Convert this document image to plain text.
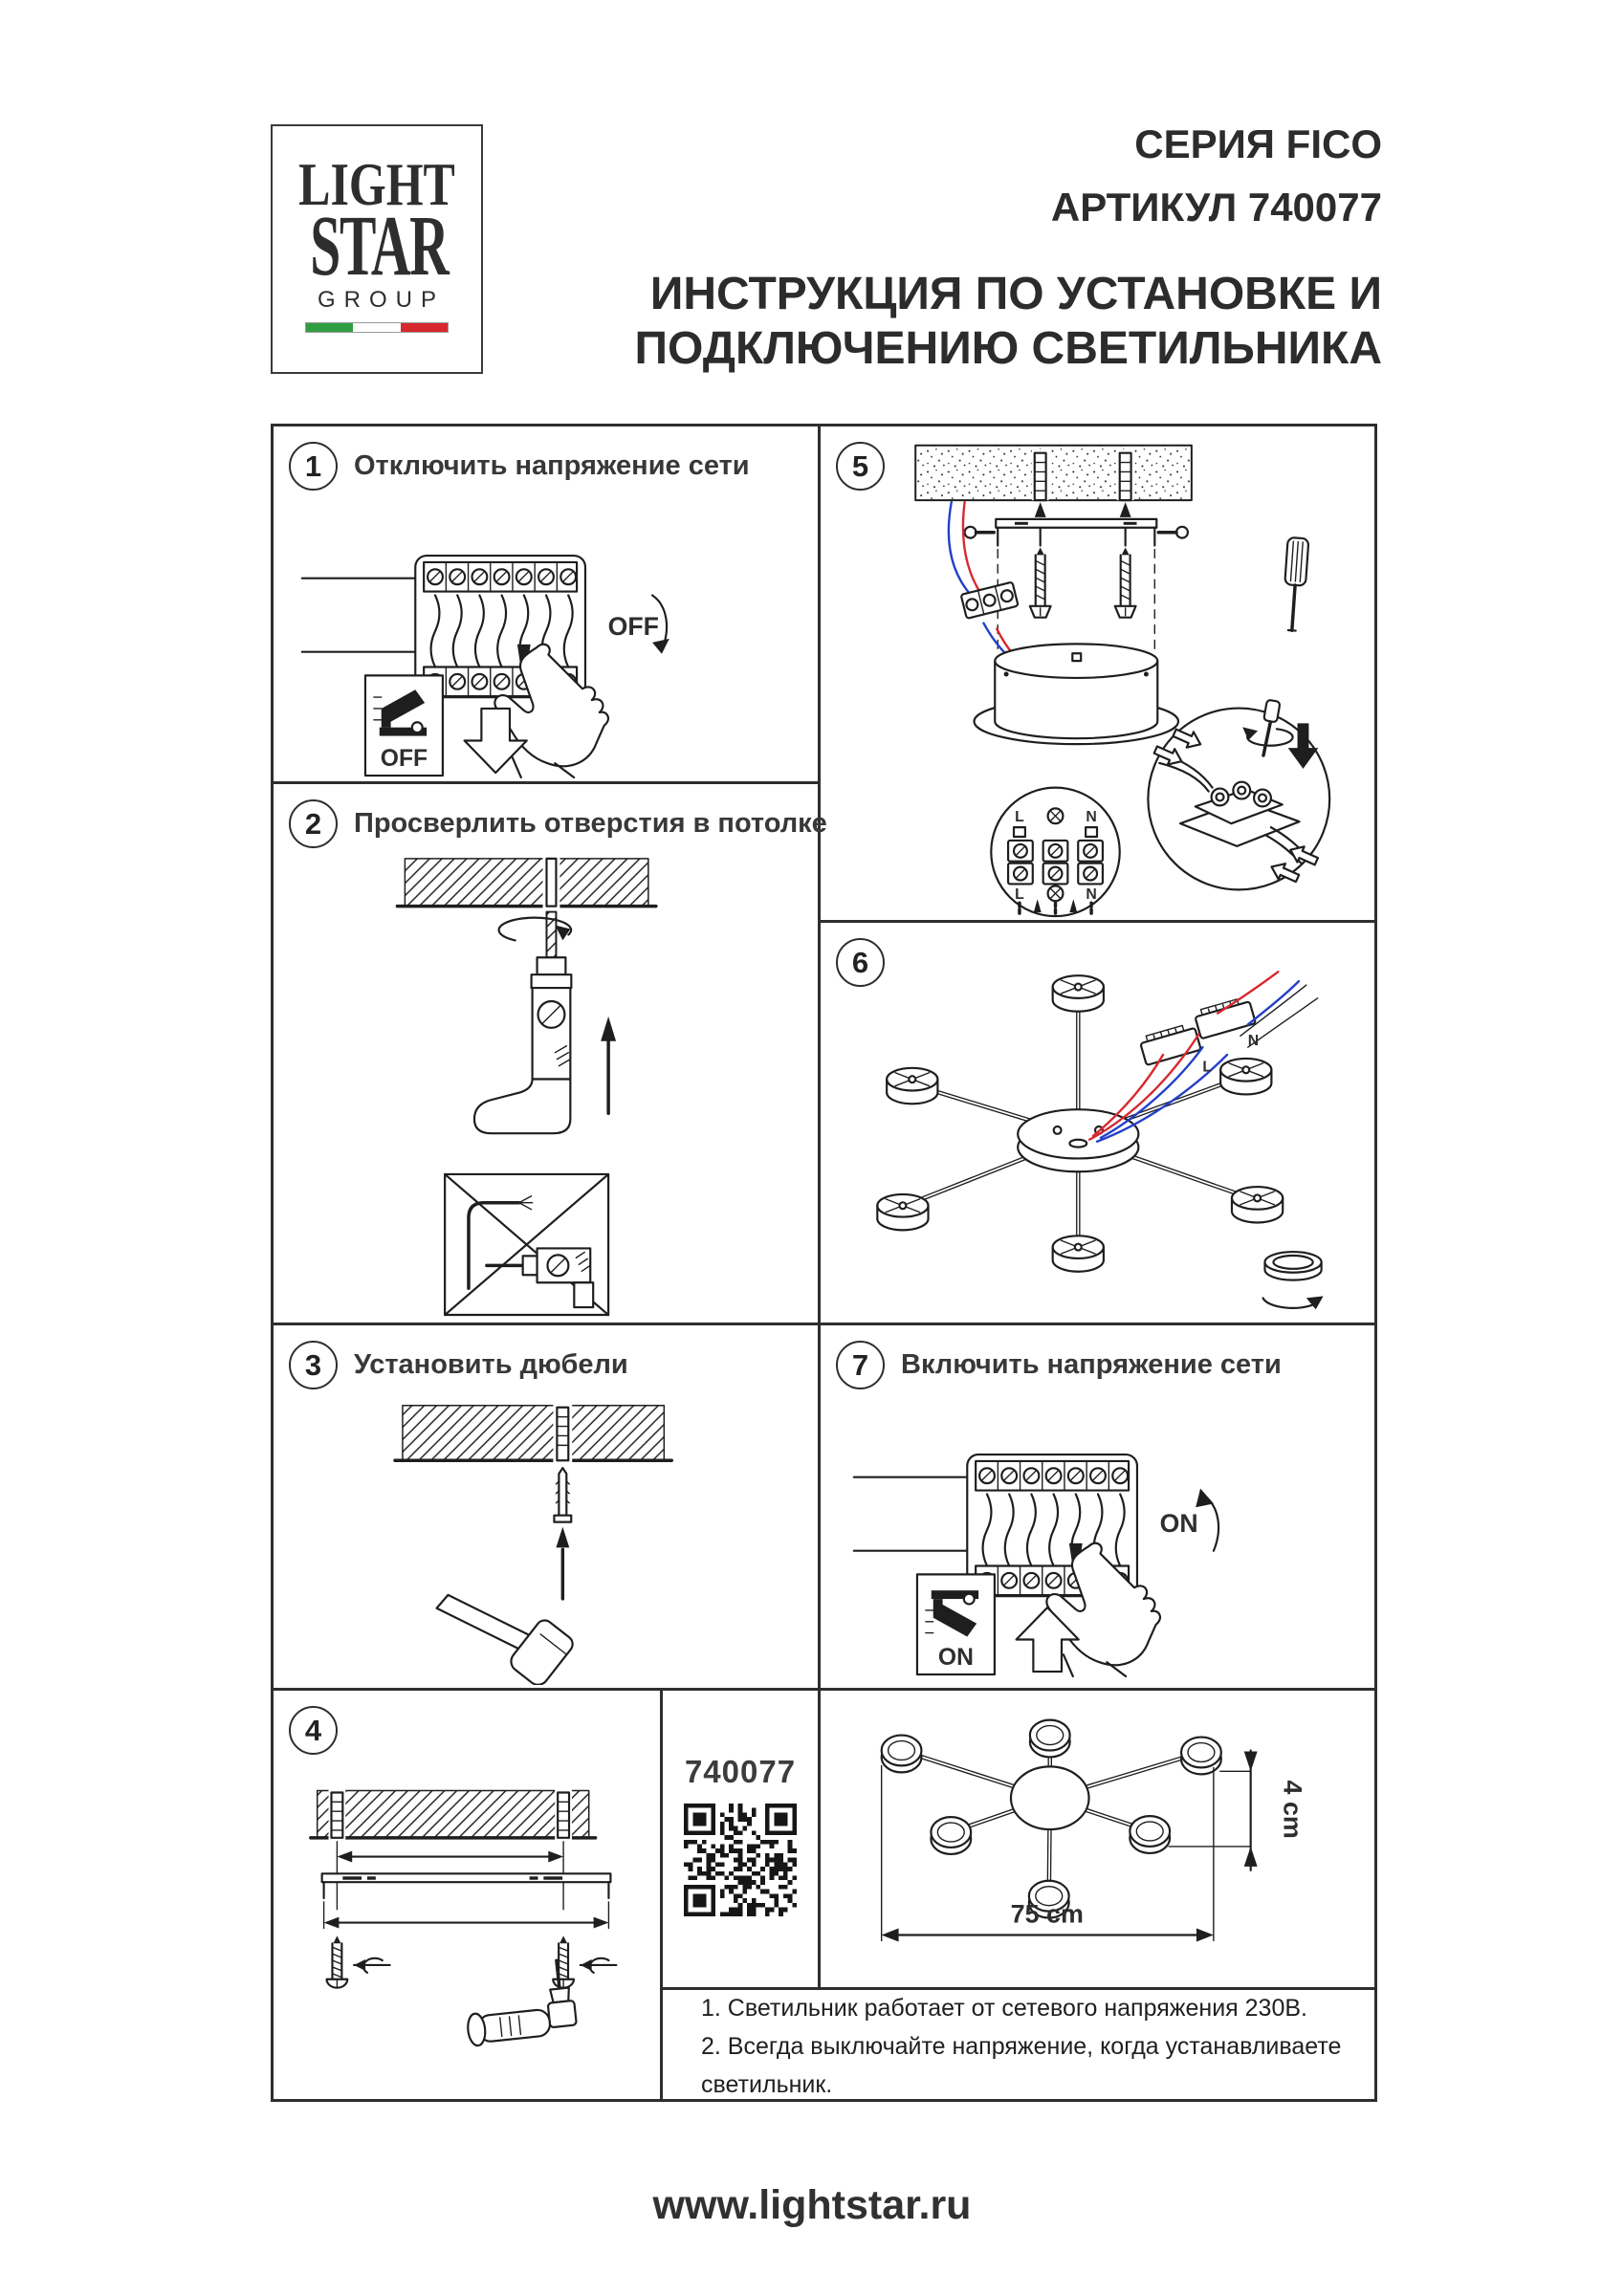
LIGHT
STAR
GROUP
СЕРИЯ FICO
АРТИКУЛ 740077
ИНСТРУКЦИЯ ПО УСТАНОВКЕ И
ПОДКЛЮЧЕНИЮ СВЕТИЛЬНИКА
1 Отключить напряжение сети
OFF
OFF
2 Просверлить отверстия в потолке
3 Установить дюбели
4
740077
5
L	N
L	N
6
L
N
7 Включить напряжение сети
ON
ON
75 cm
4 cm

1. Светильник работает от сетевого напряжения 230В.

2. Всегда выключайте напряжение, когда устанавливаете светильник.

www.lightstar.ru
